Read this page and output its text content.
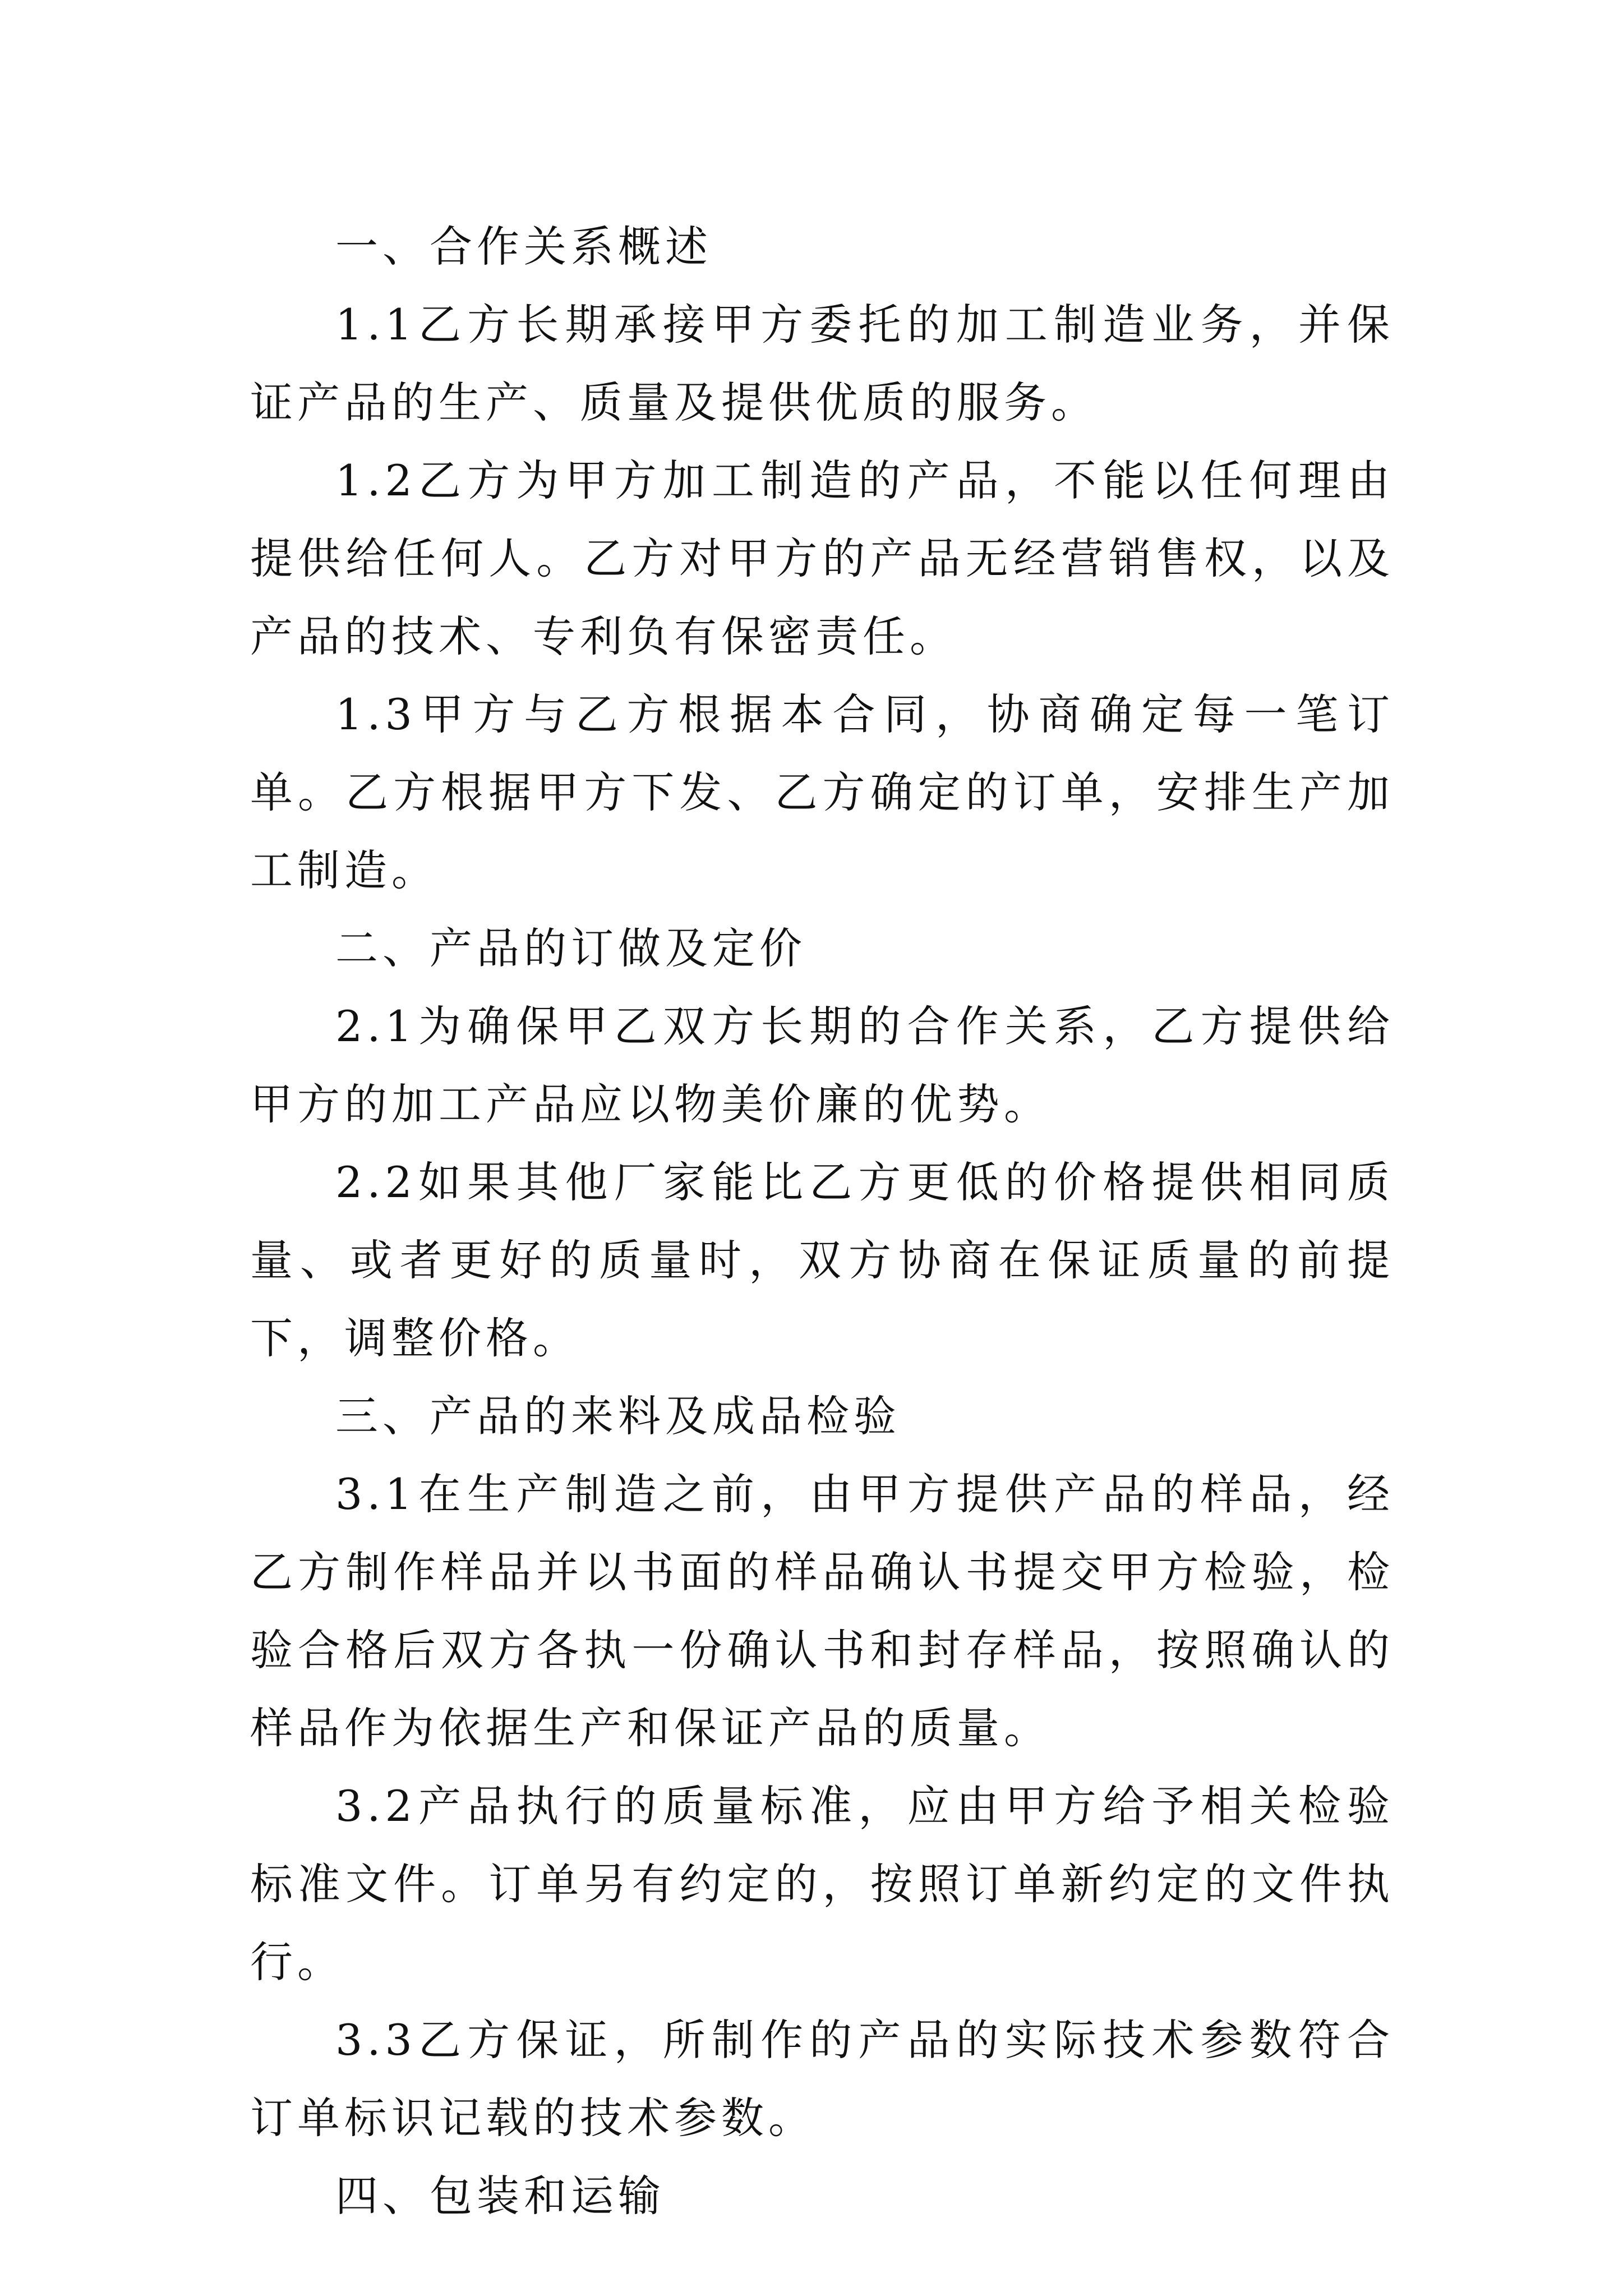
一、合作关系概述

1.1乙方长期承接甲方委托的加工制造业务，并保证产品的生产、质量及提供优质的服务。

1.2乙方为甲方加工制造的产品，不能以任何理由提供给任何人。乙方对甲方的产品无经营销售权，以及产品的技术、专利负有保密责任。

1.3甲方与乙方根据本合同，协商确定每一笔订单。乙方根据甲方下发、乙方确定的订单，安排生产加工制造。

二、产品的订做及定价

2.1为确保甲乙双方长期的合作关系，乙方提供给甲方的加工产品应以物美价廉的优势。

2.2如果其他厂家能比乙方更低的价格提供相同质量、或者更好的质量时，双方协商在保证质量的前提下，调整价格。

三、产品的来料及成品检验

3.1在生产制造之前，由甲方提供产品的样品，经乙方制作样品并以书面的样品确认书提交甲方检验，检验合格后双方各执一份确认书和封存样品，按照确认的样品作为依据生产和保证产品的质量。

3.2产品执行的质量标准，应由甲方给予相关检验标准文件。订单另有约定的，按照订单新约定的文件执行。

3.3乙方保证，所制作的产品的实际技术参数符合订单标识记载的技术参数。

四、包装和运输
